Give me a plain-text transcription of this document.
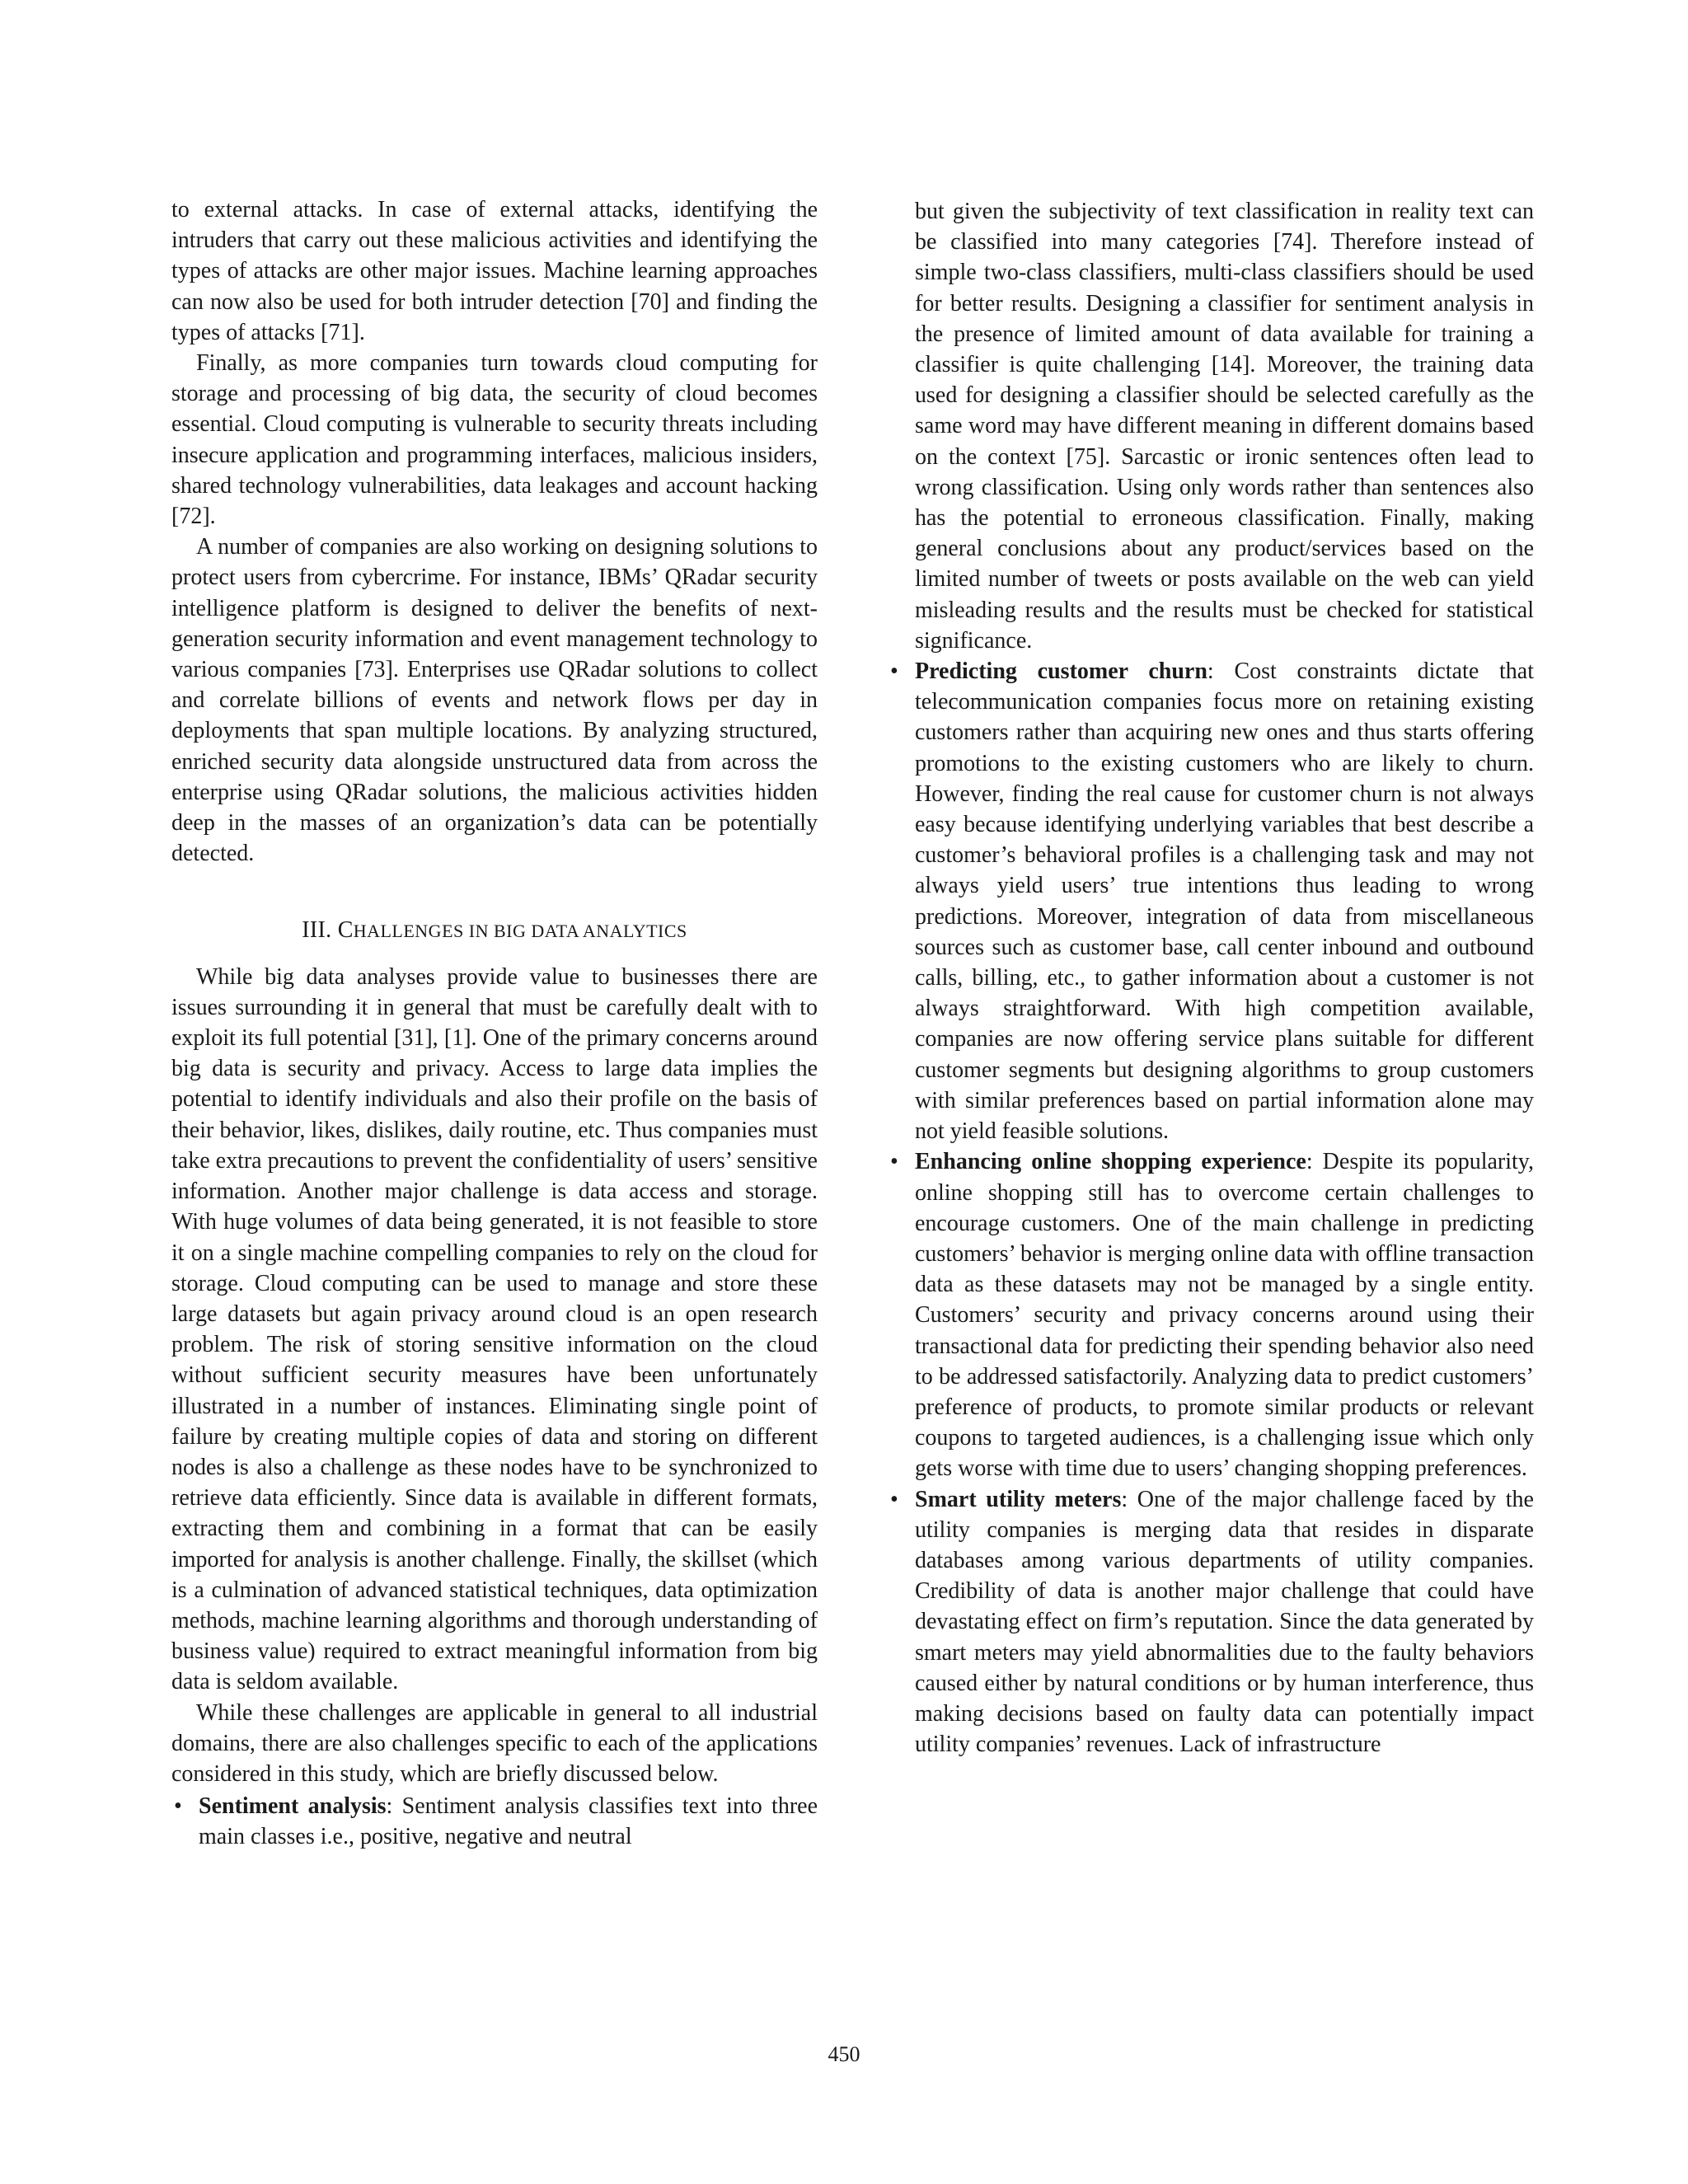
to external attacks. In case of external attacks, identifying the intruders that carry out these malicious activities and identifying the types of attacks are other major issues. Machine learning approaches can now also be used for both intruder detection [70] and finding the types of attacks [71].

Finally, as more companies turn towards cloud computing for storage and processing of big data, the security of cloud becomes essential. Cloud computing is vulnerable to security threats including insecure application and programming interfaces, malicious insiders, shared technology vulnerabilities, data leakages and account hacking [72].

A number of companies are also working on designing solutions to protect users from cybercrime. For instance, IBMs’ QRadar security intelligence platform is designed to deliver the benefits of next-generation security information and event management technology to various companies [73]. Enterprises use QRadar solutions to collect and correlate billions of events and network flows per day in deployments that span multiple locations. By analyzing structured, enriched security data alongside unstructured data from across the enterprise using QRadar solutions, the malicious activities hidden deep in the masses of an organization’s data can be potentially detected.

III. CHALLENGES IN BIG DATA ANALYTICS

While big data analyses provide value to businesses there are issues surrounding it in general that must be carefully dealt with to exploit its full potential [31], [1]. One of the primary concerns around big data is security and privacy. Access to large data implies the potential to identify individuals and also their profile on the basis of their behavior, likes, dislikes, daily routine, etc. Thus companies must take extra precautions to prevent the confidentiality of users’ sensitive information. Another major challenge is data access and storage. With huge volumes of data being generated, it is not feasible to store it on a single machine compelling companies to rely on the cloud for storage. Cloud computing can be used to manage and store these large datasets but again privacy around cloud is an open research problem. The risk of storing sensitive information on the cloud without sufficient security measures have been unfortunately illustrated in a number of instances. Eliminating single point of failure by creating multiple copies of data and storing on different nodes is also a challenge as these nodes have to be synchronized to retrieve data efficiently. Since data is available in different formats, extracting them and combining in a format that can be easily imported for analysis is another challenge. Finally, the skillset (which is a culmination of advanced statistical techniques, data optimization methods, machine learning algorithms and thorough understanding of business value) required to extract meaningful information from big data is seldom available.

While these challenges are applicable in general to all industrial domains, there are also challenges specific to each of the applications considered in this study, which are briefly discussed below.

• Sentiment analysis: Sentiment analysis classifies text into three main classes i.e., positive, negative and neutral
but given the subjectivity of text classification in reality text can be classified into many categories [74]. Therefore instead of simple two-class classifiers, multi-class classifiers should be used for better results. Designing a classifier for sentiment analysis in the presence of limited amount of data available for training a classifier is quite challenging [14]. Moreover, the training data used for designing a classifier should be selected carefully as the same word may have different meaning in different domains based on the context [75]. Sarcastic or ironic sentences often lead to wrong classification. Using only words rather than sentences also has the potential to erroneous classification. Finally, making general conclusions about any product/services based on the limited number of tweets or posts available on the web can yield misleading results and the results must be checked for statistical significance.
• Predicting customer churn: Cost constraints dictate that telecommunication companies focus more on retaining existing customers rather than acquiring new ones and thus starts offering promotions to the existing customers who are likely to churn. However, finding the real cause for customer churn is not always easy because identifying underlying variables that best describe a customer’s behavioral profiles is a challenging task and may not always yield users’ true intentions thus leading to wrong predictions. Moreover, integration of data from miscellaneous sources such as customer base, call center inbound and outbound calls, billing, etc., to gather information about a customer is not always straightforward. With high competition available, companies are now offering service plans suitable for different customer segments but designing algorithms to group customers with similar preferences based on partial information alone may not yield feasible solutions.
• Enhancing online shopping experience: Despite its popularity, online shopping still has to overcome certain challenges to encourage customers. One of the main challenge in predicting customers’ behavior is merging online data with offline transaction data as these datasets may not be managed by a single entity. Customers’ security and privacy concerns around using their transactional data for predicting their spending behavior also need to be addressed satisfactorily. Analyzing data to predict customers’ preference of products, to promote similar products or relevant coupons to targeted audiences, is a challenging issue which only gets worse with time due to users’ changing shopping preferences.
• Smart utility meters: One of the major challenge faced by the utility companies is merging data that resides in disparate databases among various departments of utility companies. Credibility of data is another major challenge that could have devastating effect on firm’s reputation. Since the data generated by smart meters may yield abnormalities due to the faulty behaviors caused either by natural conditions or by human interference, thus making decisions based on faulty data can potentially impact utility companies’ revenues. Lack of infrastructure
450
